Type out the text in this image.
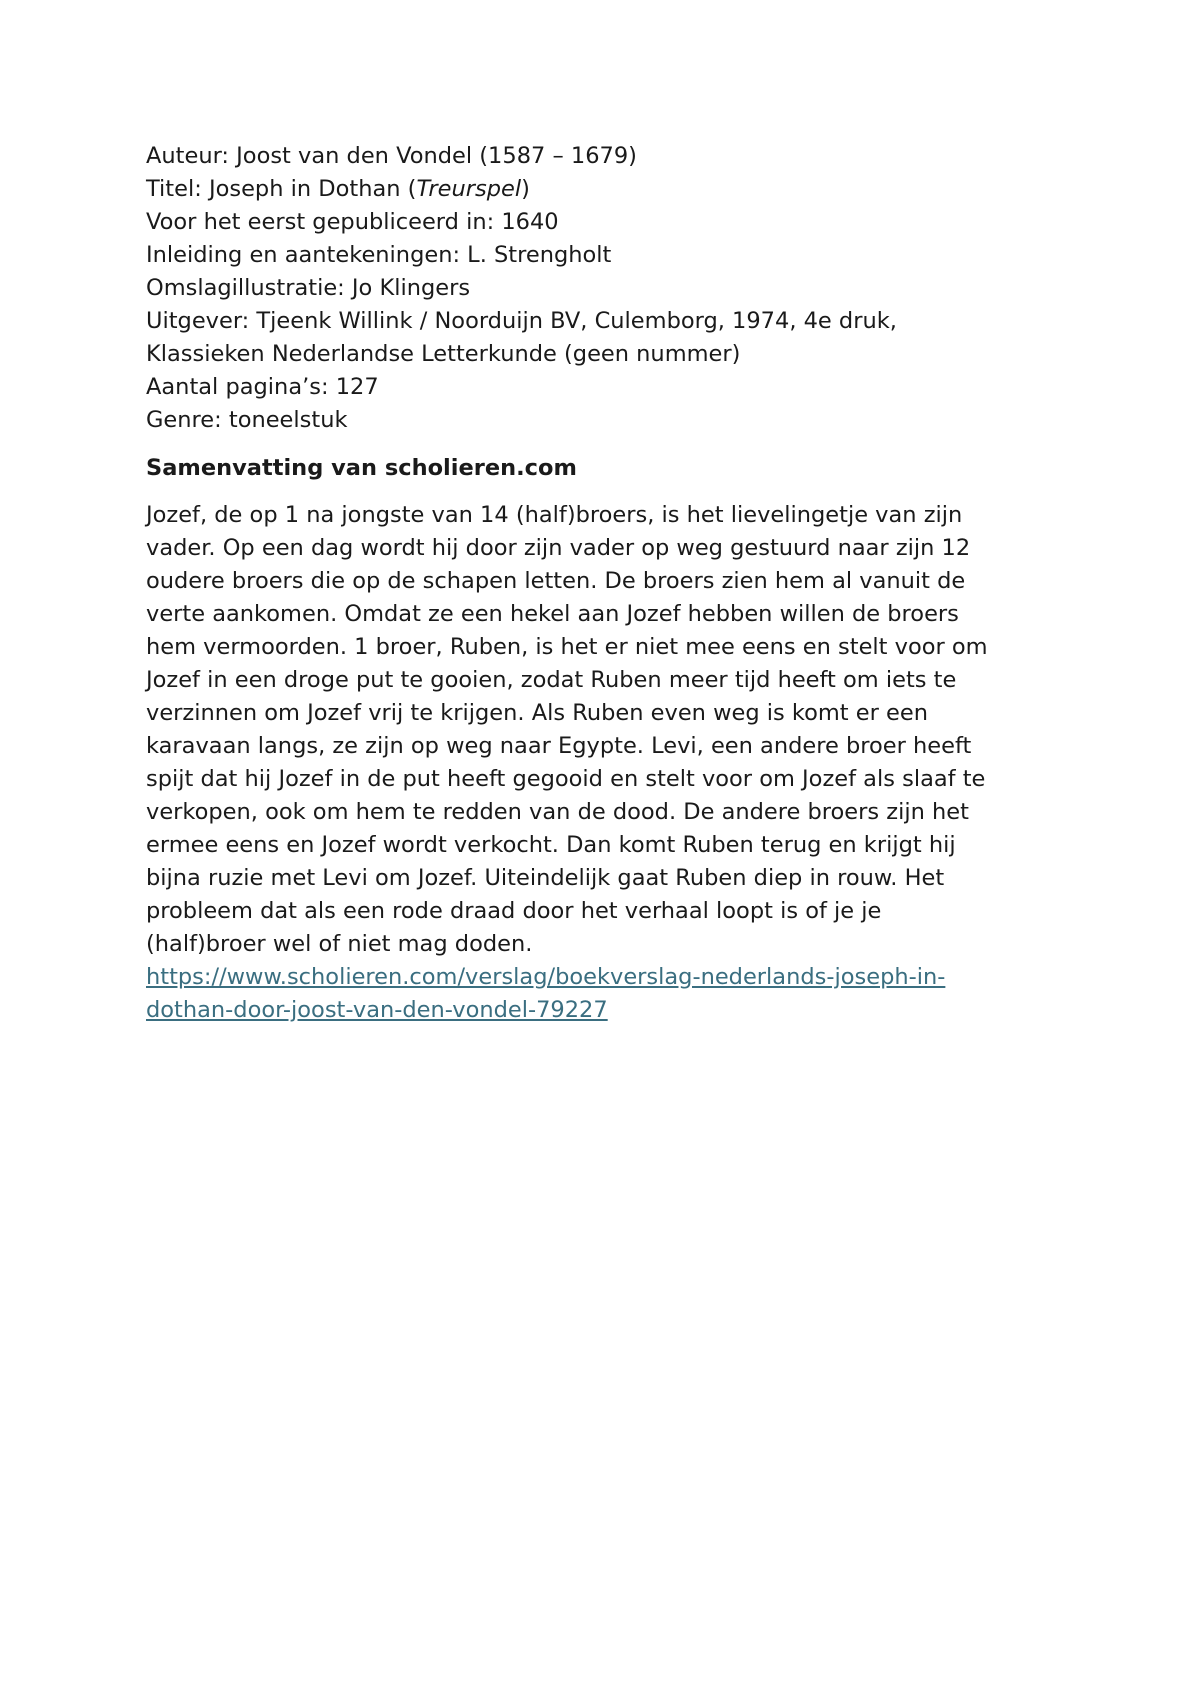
Auteur: Joost van den Vondel (1587 – 1679)
Titel: Joseph in Dothan (Treurspel)
Voor het eerst gepubliceerd in: 1640
Inleiding en aantekeningen: L. Strengholt
Omslagillustratie: Jo Klingers
Uitgever: Tjeenk Willink / Noorduijn BV, Culemborg, 1974, 4e druk,
Klassieken Nederlandse Letterkunde (geen nummer)
Aantal pagina’s: 127
Genre: toneelstuk
Samenvatting van scholieren.com
Jozef, de op 1 na jongste van 14 (half)broers, is het lievelingetje van zijn
vader. Op een dag wordt hij door zijn vader op weg gestuurd naar zijn 12
oudere broers die op de schapen letten. De broers zien hem al vanuit de
verte aankomen. Omdat ze een hekel aan Jozef hebben willen de broers
hem vermoorden. 1 broer, Ruben, is het er niet mee eens en stelt voor om
Jozef in een droge put te gooien, zodat Ruben meer tijd heeft om iets te
verzinnen om Jozef vrij te krijgen. Als Ruben even weg is komt er een
karavaan langs, ze zijn op weg naar Egypte. Levi, een andere broer heeft
spijt dat hij Jozef in de put heeft gegooid en stelt voor om Jozef als slaaf te
verkopen, ook om hem te redden van de dood. De andere broers zijn het
ermee eens en Jozef wordt verkocht. Dan komt Ruben terug en krijgt hij
bijna ruzie met Levi om Jozef. Uiteindelijk gaat Ruben diep in rouw. Het
probleem dat als een rode draad door het verhaal loopt is of je je
(half)broer wel of niet mag doden.
https://www.scholieren.com/verslag/boekverslag-nederlands-joseph-in-
dothan-door-joost-van-den-vondel-79227
